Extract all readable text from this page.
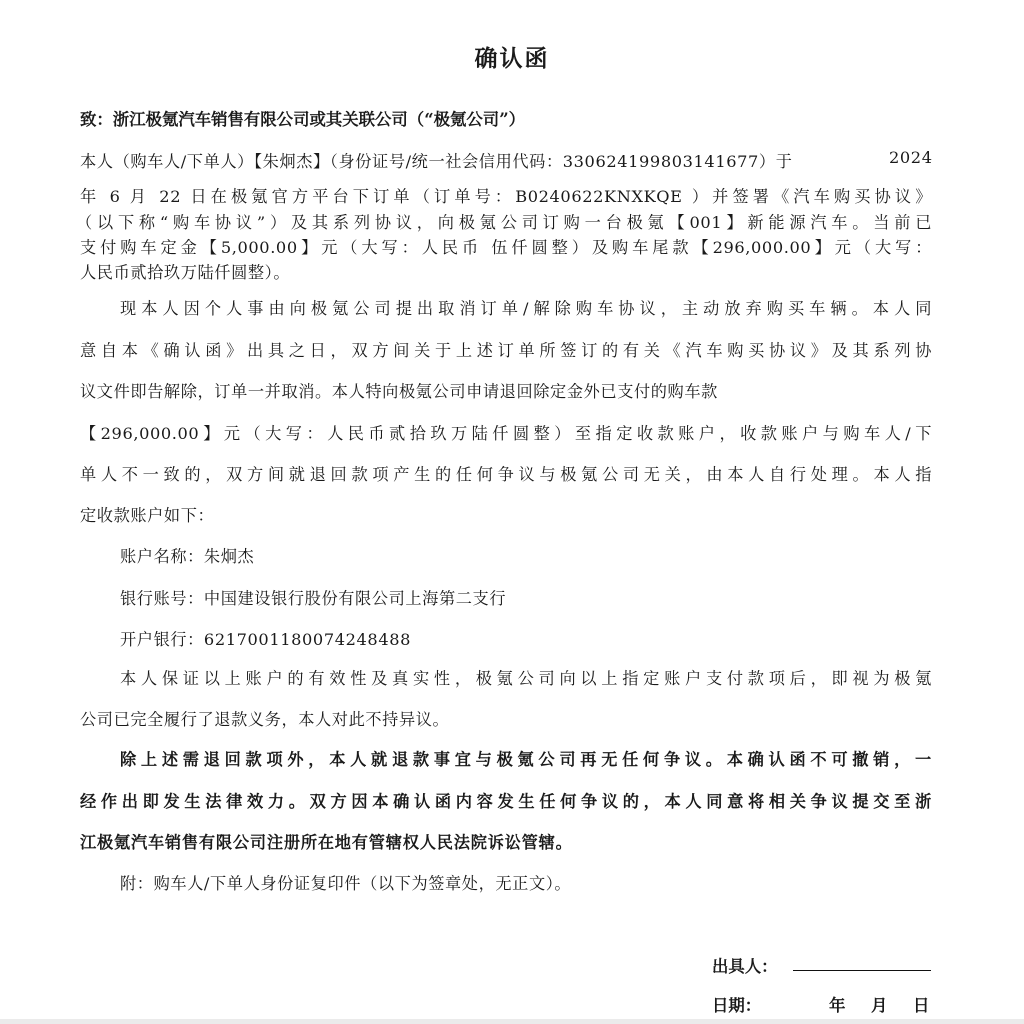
确认函
致：浙江极氪汽车销售有限公司或其关联公司（“极氪公司”）
本人（购车人/下单人）【朱炯杰】（身份证号/统一社会信用代码：330624199803141677）于	2024
年 6 月 22 日在极氪官方平台下订单（订单号：B0240622KNXKQE ）并签署《汽车购买协议》
（以下称“购车协议”）及其系列协议，向极氪公司订购一台极氪【001】新能源汽车。当前已
支付购车定金【5,000.00】元（大写：人民币 伍仟圆整）及购车尾款【296,000.00】元（大写：
人民币贰拾玖万陆仟圆整）。
现本人因个人事由向极氪公司提出取消订单/解除购车协议，主动放弃购买车辆。本人同
意自本《确认函》出具之日，双方间关于上述订单所签订的有关《汽车购买协议》及其系列协
议文件即告解除，订单一并取消。本人特向极氪公司申请退回除定金外已支付的购车款
【296,000.00】元（大写：人民币贰拾玖万陆仟圆整）至指定收款账户，收款账户与购车人/下
单人不一致的，双方间就退回款项产生的任何争议与极氪公司无关，由本人自行处理。本人指
定收款账户如下：
账户名称：朱炯杰
银行账号：中国建设银行股份有限公司上海第二支行
开户银行：6217001180074248488
本人保证以上账户的有效性及真实性，极氪公司向以上指定账户支付款项后，即视为极氪
公司已完全履行了退款义务，本人对此不持异议。
除上述需退回款项外，本人就退款事宜与极氪公司再无任何争议。本确认函不可撤销，一
经作出即发生法律效力。双方因本确认函内容发生任何争议的，本人同意将相关争议提交至浙
江极氪汽车销售有限公司注册所在地有管辖权人民法院诉讼管辖。
附：购车人/下单人身份证复印件（以下为签章处，无正文）。
出具人：
日期：	年 月 日
